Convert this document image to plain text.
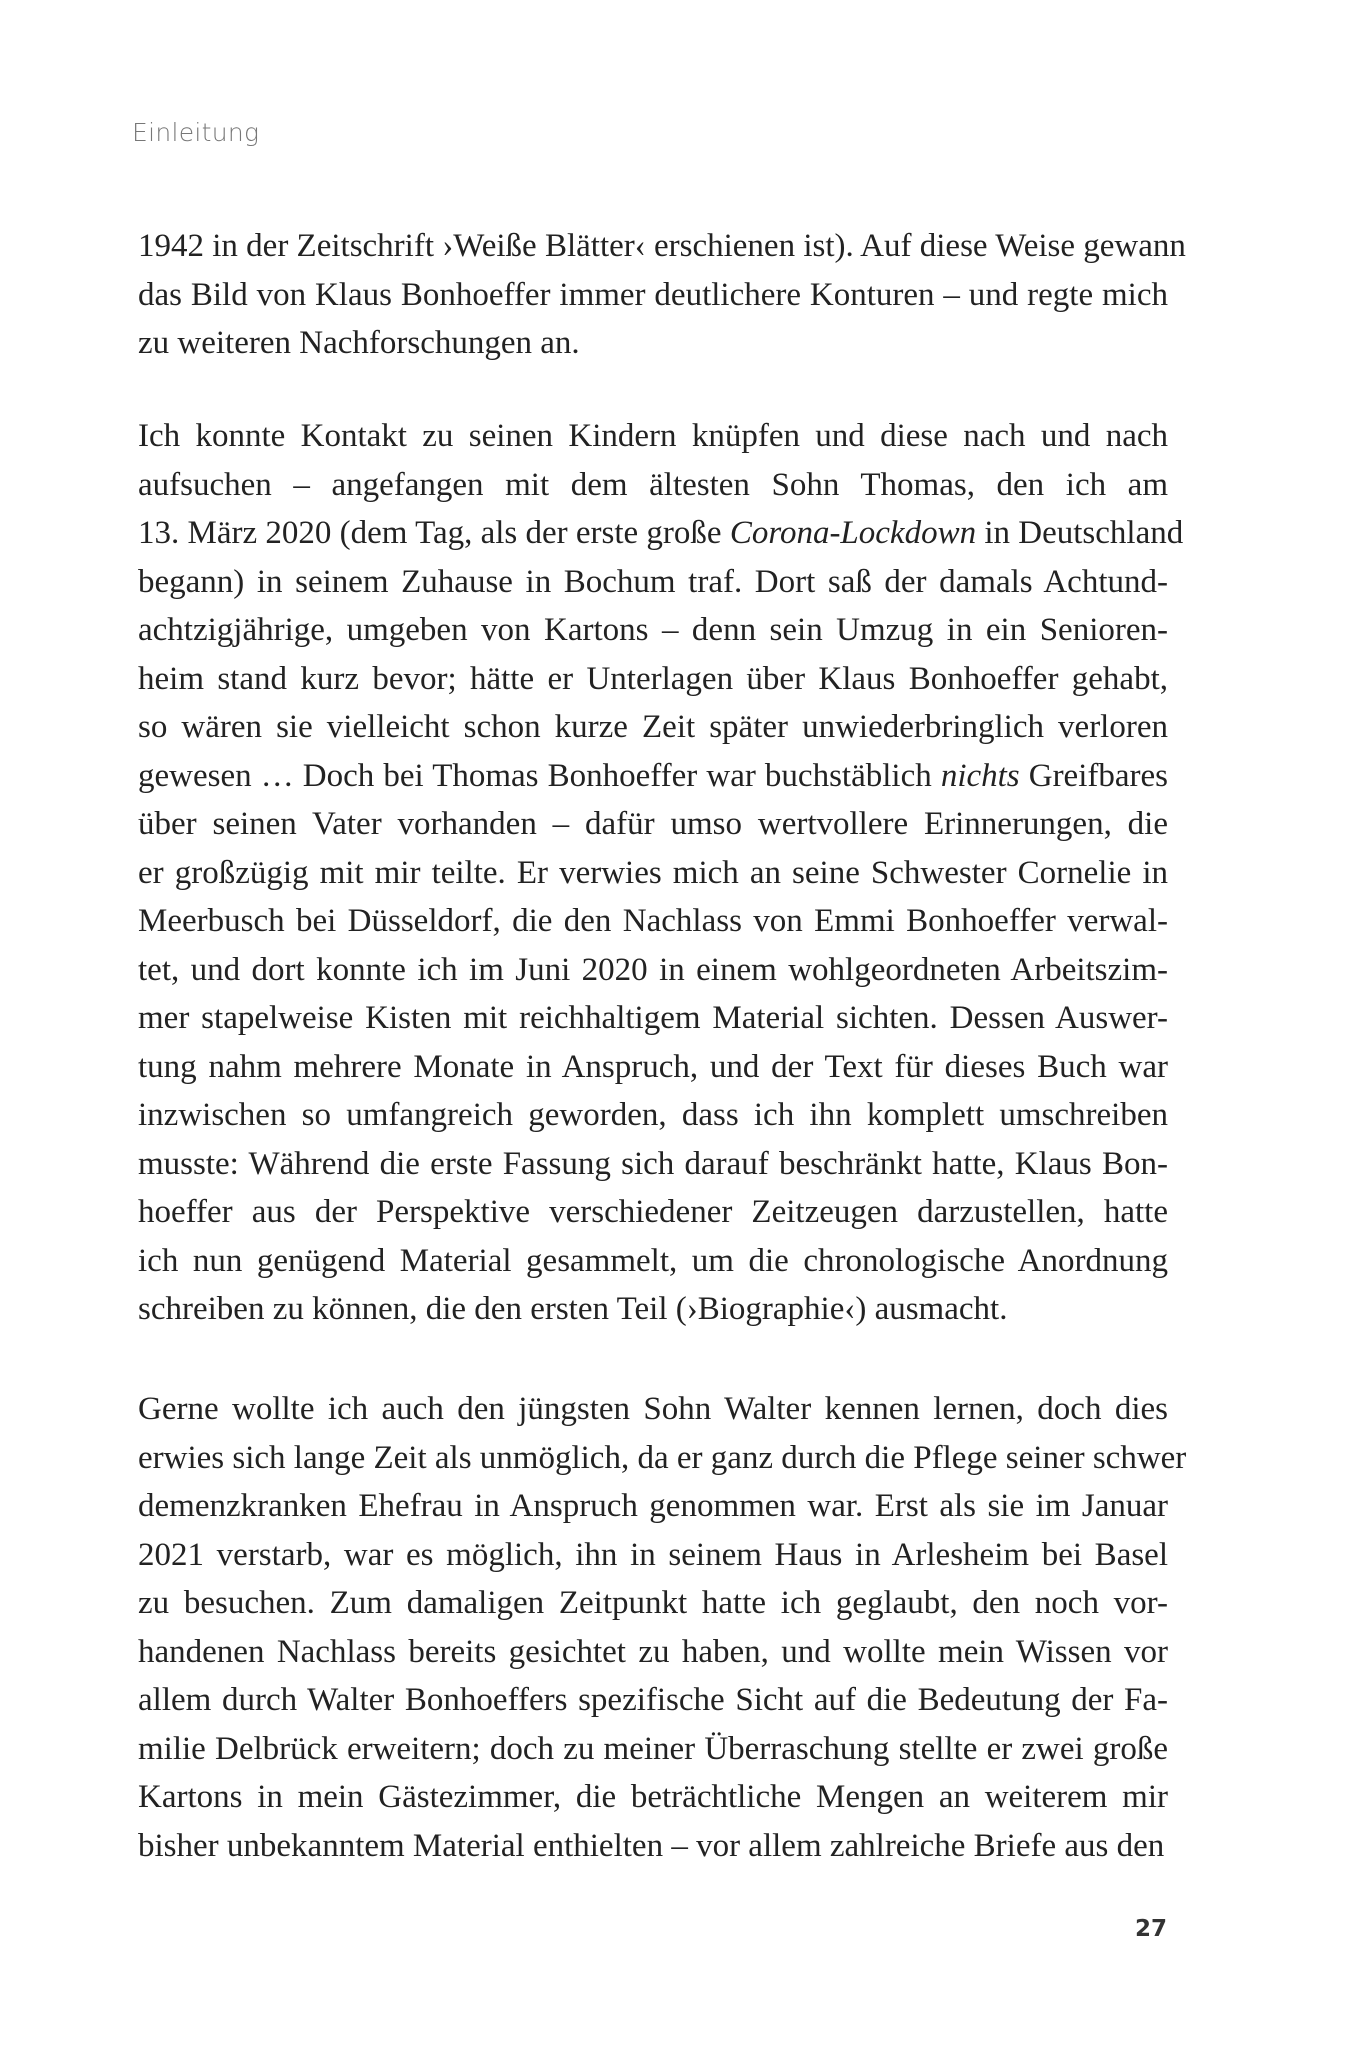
Einleitung
1942 in der Zeitschrift ›Weiße Blätter‹ erschienen ist). Auf diese Weise gewann
das Bild von Klaus Bonhoeffer immer deutlichere Konturen – und regte mich
zu weiteren Nachforschungen an.
Ich konnte Kontakt zu seinen Kindern knüpfen und diese nach und nach
aufsuchen – angefangen mit dem ältesten Sohn Thomas, den ich am
13. März 2020 (dem Tag, als der erste große Corona-Lockdown in Deutschland
begann) in seinem Zuhause in Bochum traf. Dort saß der damals Achtund-
achtzigjährige, umgeben von Kartons – denn sein Umzug in ein Senioren-
heim stand kurz bevor; hätte er Unterlagen über Klaus Bonhoeffer gehabt,
so wären sie vielleicht schon kurze Zeit später unwiederbringlich verloren
gewesen … Doch bei Thomas Bonhoeffer war buchstäblich nichts Greifbares
über seinen Vater vorhanden – dafür umso wertvollere Erinnerungen, die
er großzügig mit mir teilte. Er verwies mich an seine Schwester Cornelie in
Meerbusch bei Düsseldorf, die den Nachlass von Emmi Bonhoeffer verwal-
tet, und dort konnte ich im Juni 2020 in einem wohlgeordneten Arbeitszim-
mer stapelweise Kisten mit reichhaltigem Material sichten. Dessen Auswer-
tung nahm mehrere Monate in Anspruch, und der Text für dieses Buch war
inzwischen so umfangreich geworden, dass ich ihn komplett umschreiben
musste: Während die erste Fassung sich darauf beschränkt hatte, Klaus Bon-
hoeffer aus der Perspektive verschiedener Zeitzeugen darzustellen, hatte
ich nun genügend Material gesammelt, um die chronologische Anordnung
schreiben zu können, die den ersten Teil (›Biographie‹) ausmacht.
Gerne wollte ich auch den jüngsten Sohn Walter kennen lernen, doch dies
erwies sich lange Zeit als unmöglich, da er ganz durch die Pflege seiner schwer
demenzkranken Ehefrau in Anspruch genommen war. Erst als sie im Januar
2021 verstarb, war es möglich, ihn in seinem Haus in Arlesheim bei Basel
zu besuchen. Zum damaligen Zeitpunkt hatte ich geglaubt, den noch vor-
handenen Nachlass bereits gesichtet zu haben, und wollte mein Wissen vor
allem durch Walter Bonhoeffers spezifische Sicht auf die Bedeutung der Fa-
milie Delbrück erweitern; doch zu meiner Überraschung stellte er zwei große
Kartons in mein Gästezimmer, die beträchtliche Mengen an weiterem mir
bisher unbekanntem Material enthielten – vor allem zahlreiche Briefe aus den
27
